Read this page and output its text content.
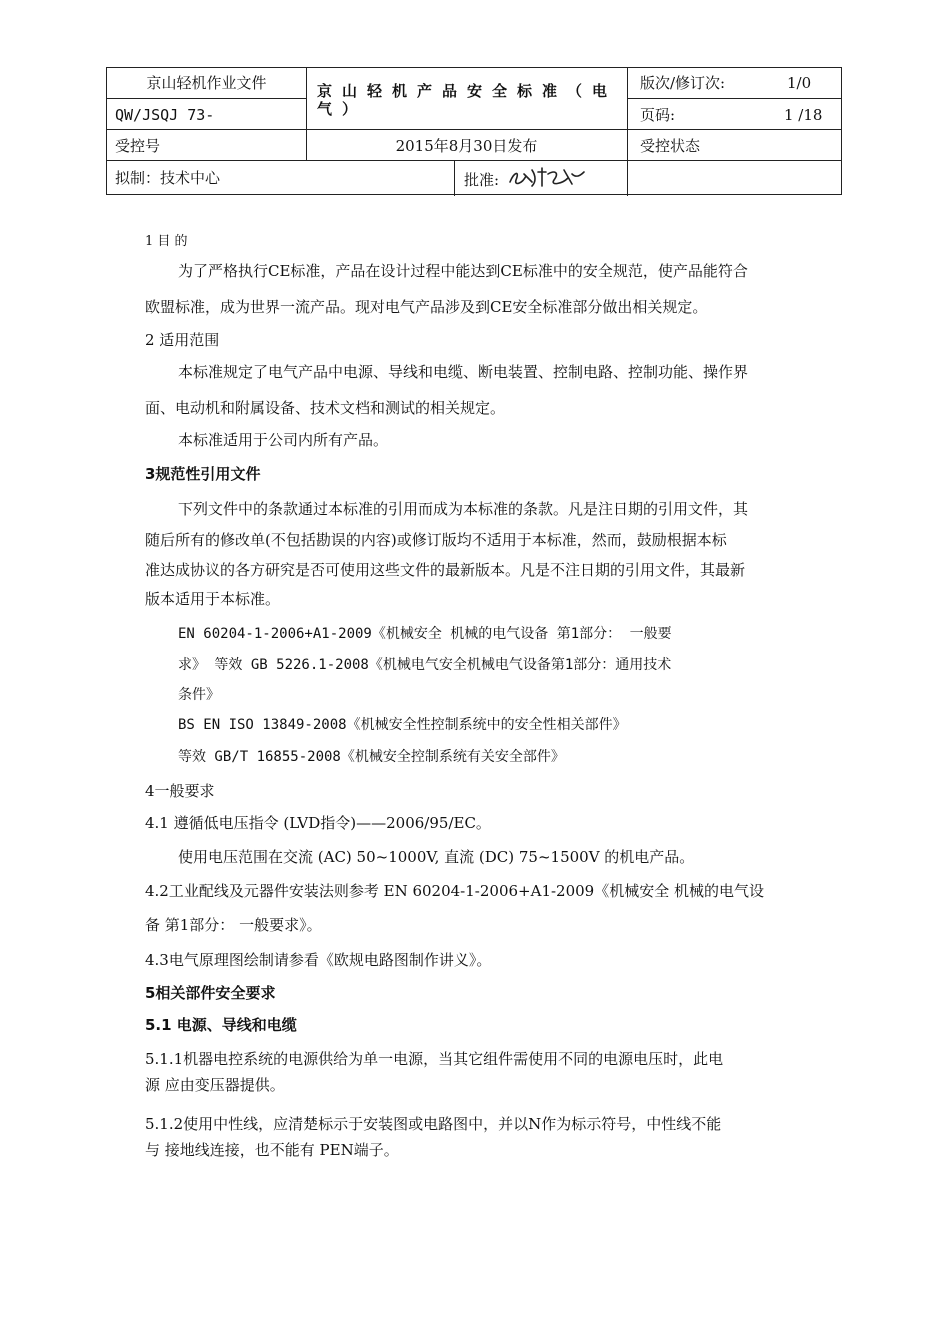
京山轻机作业文件
QW/JSQJ 73-
受控号
拟制：技术中心
京山轻机产品安全标准（电气）
2015年8月30日发布
批准:
版次/修订次:	1/0
页码:	1 /18
受控状态
1 目 的
为了严格执行CE标准，产品在设计过程中能达到CE标准中的安全规范，使产品能符合
欧盟标准，成为世界一流产品。现对电气产品涉及到CE安全标准部分做出相关规定。
2 适用范围
本标准规定了电气产品中电源、导线和电缆、断电装置、控制电路、控制功能、操作界
面、电动机和附属设备、技术文档和测试的相关规定。
本标准适用于公司内所有产品。
3规范性引用文件
下列文件中的条款通过本标准的引用而成为本标准的条款。凡是注日期的引用文件，其
随后所有的修改单(不包括勘误的内容)或修订版均不适用于本标准，然而，鼓励根据本标
准达成协议的各方研究是否可使用这些文件的最新版本。凡是不注日期的引用文件，其最新
版本适用于本标准。
EN 60204-1-2006+A1-2009《机械安全 机械的电气设备 第1部分： 一般要
求》 等效 GB 5226.1-2008《机械电气安全机械电气设备第1部分：通用技术
条件》
BS EN ISO 13849-2008《机械安全性控制系统中的安全性相关部件》
等效 GB/T 16855-2008《机械安全控制系统有关安全部件》
4一般要求
4.1 遵循低电压指令 (LVD指令)——2006/95/EC。
使用电压范围在交流 (AC) 50~1000V, 直流 (DC) 75~1500V 的机电产品。
4.2工业配线及元器件安装法则参考 EN 60204-1-2006+A1-2009《机械安全 机械的电气设
备 第1部分： 一般要求》。
4.3电气原理图绘制请参看《欧规电路图制作讲义》。
5相关部件安全要求
5.1 电源、导线和电缆
5.1.1机器电控系统的电源供给为单一电源，当其它组件需使用不同的电源电压时，此电
源 应由变压器提供。
5.1.2使用中性线，应清楚标示于安装图或电路图中，并以N作为标示符号，中性线不能
与 接地线连接，也不能有 PEN端子。
